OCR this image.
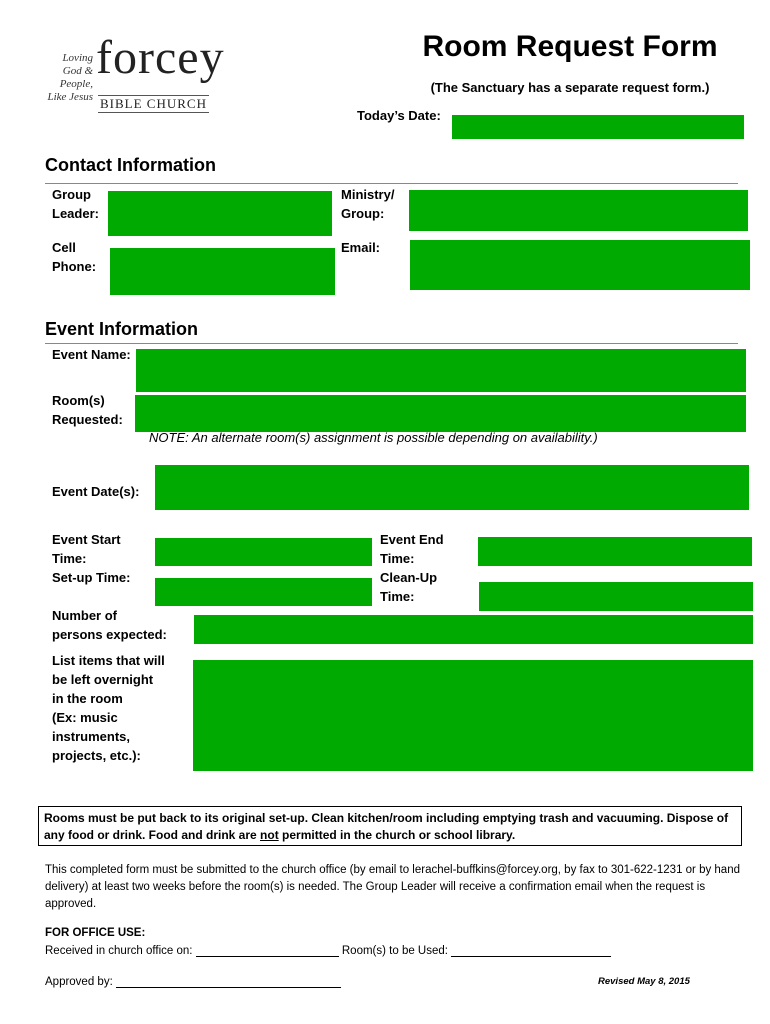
Loving
God &
People,
Like Jesus
forcey
BIBLE CHURCH
Room Request Form
(The Sanctuary has a separate request form.)
Today’s Date:
Contact Information
Group
Leader:
Ministry/
Group:
Cell
Phone:
Email:
Event Information
Event Name:
Room(s)
Requested:
NOTE: An alternate room(s) assignment is possible depending on availability.)
Event Date(s):
Event Start
Time:
Set-up Time:
Event End
Time:
Clean-Up
Time:
Number of
persons expected:
List items that will
be left overnight
in the room
(Ex: music
instruments,
projects, etc.):
Rooms must be put back to its original set-up. Clean kitchen/room including emptying trash and vacuuming. Dispose of any food or drink. Food and drink are not permitted in the church or school library.
This completed form must be submitted to the church office (by email to lerachel-buffkins@forcey.org, by fax to 301-622-1231 or by hand delivery) at least two weeks before the room(s) is needed. The Group Leader will receive a confirmation email when the request is approved.
FOR OFFICE USE:
Received in church office on:	Room(s) to be Used:
Approved by:	Revised May 8, 2015
